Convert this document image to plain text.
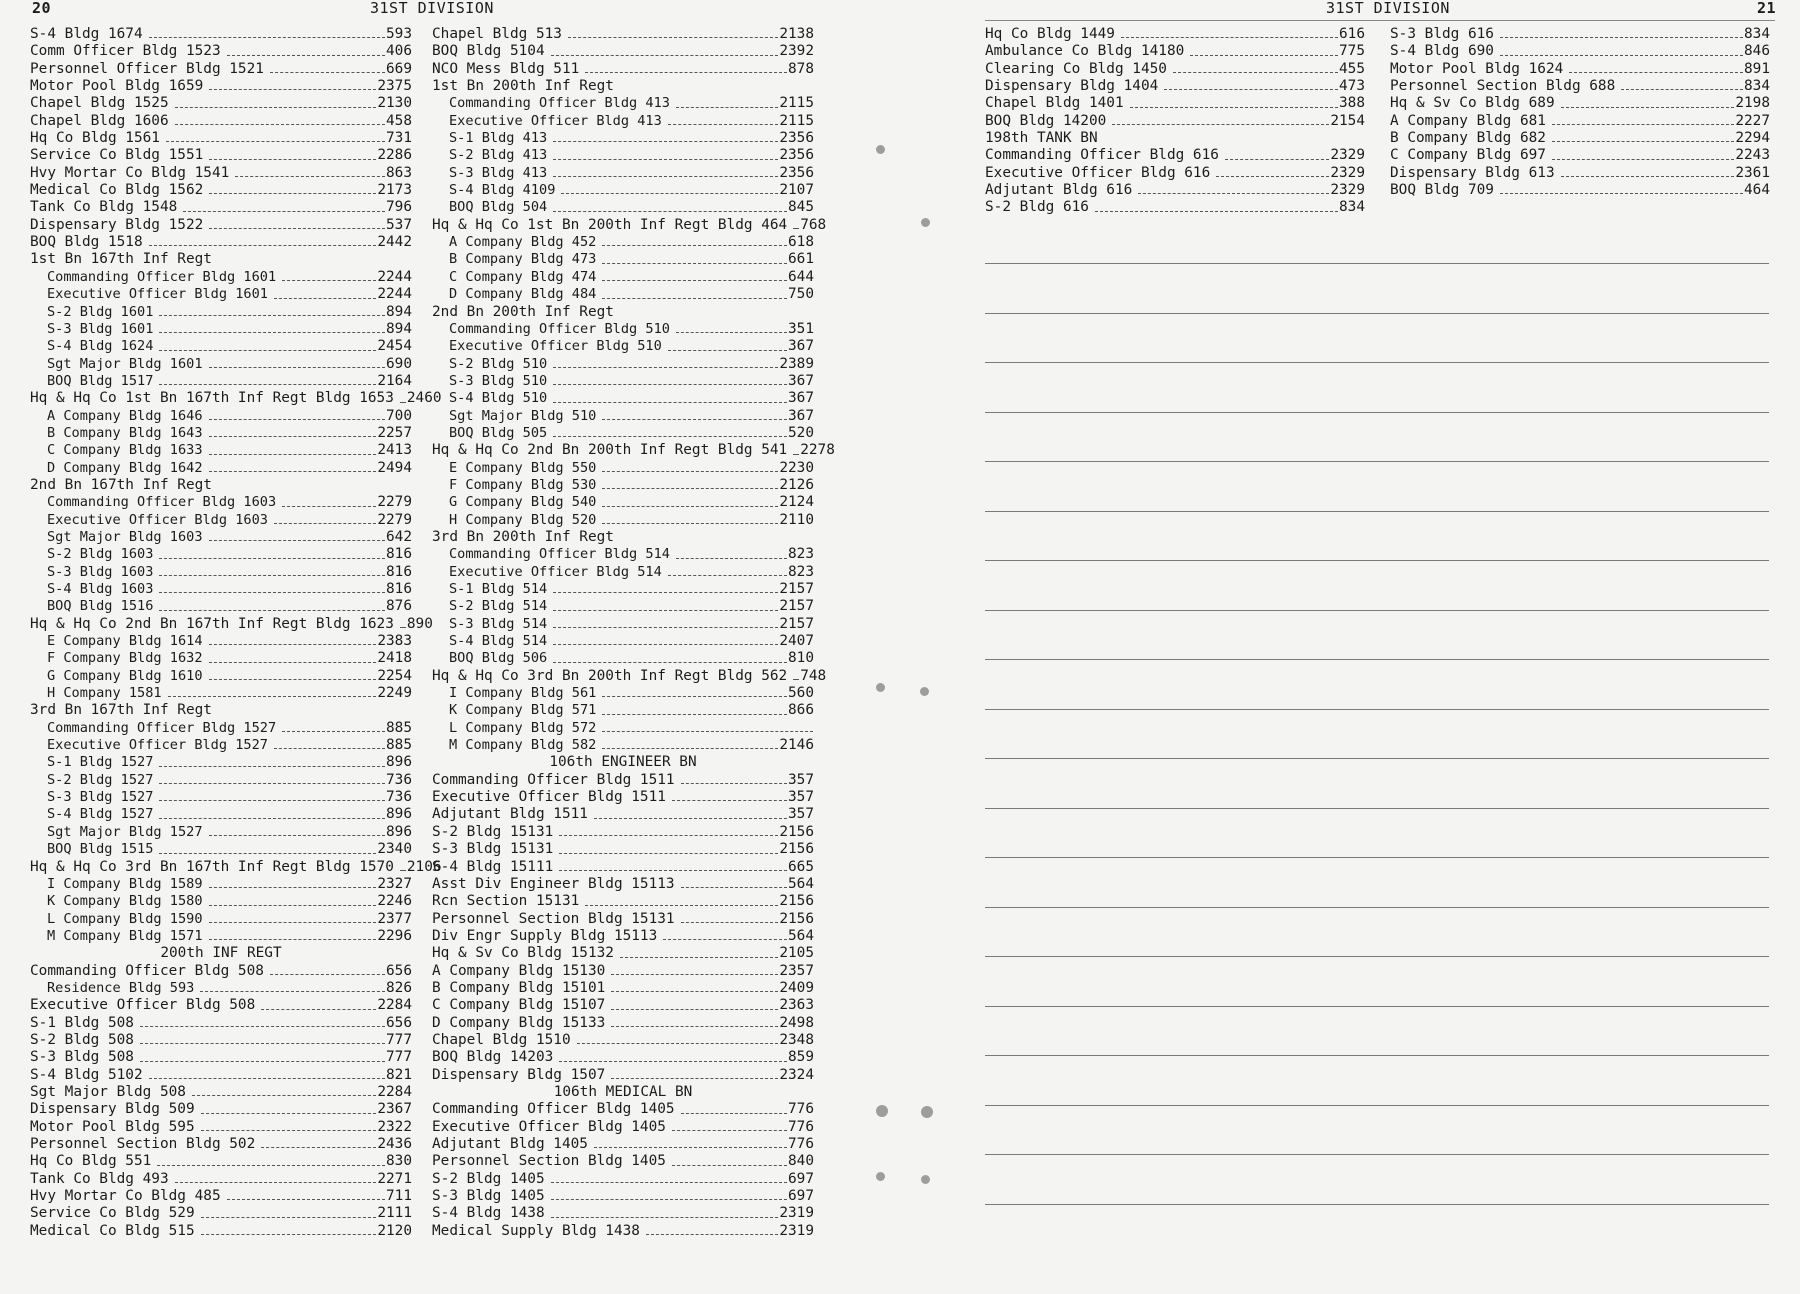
20	31ST DIVISION	31ST DIVISION	21
S-4 Bldg 1674	593
Comm Officer Bldg 1523	406
Personnel Officer Bldg 1521	669
Motor Pool Bldg 1659	2375
Chapel Bldg 1525	2130
Chapel Bldg 1606	458
Hq Co Bldg 1561	731
Service Co Bldg 1551	2286
Hvy Mortar Co Bldg 1541	863
Medical Co Bldg 1562	2173
Tank Co Bldg 1548	796
Dispensary Bldg 1522	537
BOQ Bldg 1518	2442
1st Bn 167th Inf Regt
Commanding Officer Bldg 1601	2244
Executive Officer Bldg 1601	2244
S-2 Bldg 1601	894
S-3 Bldg 1601	894
S-4 Bldg 1624	2454
Sgt Major Bldg 1601	690
BOQ Bldg 1517	2164
Hq & Hq Co 1st Bn 167th Inf Regt Bldg 1653 2460
A Company Bldg 1646	700
B Company Bldg 1643	2257
C Company Bldg 1633	2413
D Company Bldg 1642	2494
2nd Bn 167th Inf Regt
Commanding Officer Bldg 1603	2279
Executive Officer Bldg 1603	2279
Sgt Major Bldg 1603	642
S-2 Bldg 1603	816
S-3 Bldg 1603	816
S-4 Bldg 1603	816
BOQ Bldg 1516	876
Hq & Hq Co 2nd Bn 167th Inf Regt Bldg 1623 890
E Company Bldg 1614	2383
F Company Bldg 1632	2418
G Company Bldg 1610	2254
H Company 1581	2249
3rd Bn 167th Inf Regt
Commanding Officer Bldg 1527	885
Executive Officer Bldg 1527	885
S-1 Bldg 1527	896
S-2 Bldg 1527	736
S-3 Bldg 1527	736
S-4 Bldg 1527	896
Sgt Major Bldg 1527	896
BOQ Bldg 1515	2340
Hq & Hq Co 3rd Bn 167th Inf Regt Bldg 1570 2106
I Company Bldg 1589	2327
K Company Bldg 1580	2246
L Company Bldg 1590	2377
M Company Bldg 1571	2296
200th INF REGT
Commanding Officer Bldg 508	656
Residence Bldg 593	826
Executive Officer Bldg 508	2284
S-1 Bldg 508	656
S-2 Bldg 508	777
S-3 Bldg 508	777
S-4 Bldg 5102	821
Sgt Major Bldg 508	2284
Dispensary Bldg 509	2367
Motor Pool Bldg 595	2322
Personnel Section Bldg 502	2436
Hq Co Bldg 551	830
Tank Co Bldg 493	2271
Hvy Mortar Co Bldg 485	711
Service Co Bldg 529	2111
Medical Co Bldg 515	2120
Chapel Bldg 513	2138
BOQ Bldg 5104	2392
NCO Mess Bldg 511	878
1st Bn 200th Inf Regt
Commanding Officer Bldg 413	2115
Executive Officer Bldg 413	2115
S-1 Bldg 413	2356
S-2 Bldg 413	2356
S-3 Bldg 413	2356
S-4 Bldg 4109	2107
BOQ Bldg 504	845
Hq & Hq Co 1st Bn 200th Inf Regt Bldg 464 768
A Company Bldg 452	618
B Company Bldg 473	661
C Company Bldg 474	644
D Company Bldg 484	750
2nd Bn 200th Inf Regt
Commanding Officer Bldg 510	351
Executive Officer Bldg 510	367
S-2 Bldg 510	2389
S-3 Bldg 510	367
S-4 Bldg 510	367
Sgt Major Bldg 510	367
BOQ Bldg 505	520
Hq & Hq Co 2nd Bn 200th Inf Regt Bldg 541 2278
E Company Bldg 550	2230
F Company Bldg 530	2126
G Company Bldg 540	2124
H Company Bldg 520	2110
3rd Bn 200th Inf Regt
Commanding Officer Bldg 514	823
Executive Officer Bldg 514	823
S-1 Bldg 514	2157
S-2 Bldg 514	2157
S-3 Bldg 514	2157
S-4 Bldg 514	2407
BOQ Bldg 506	810
Hq & Hq Co 3rd Bn 200th Inf Regt Bldg 562 748
I Company Bldg 561	560
K Company Bldg 571	866
L Company Bldg 572
M Company Bldg 582	2146
106th ENGINEER BN
Commanding Officer Bldg 1511	357
Executive Officer Bldg 1511	357
Adjutant Bldg 1511	357
S-2 Bldg 15131	2156
S-3 Bldg 15131	2156
S-4 Bldg 15111	665
Asst Div Engineer Bldg 15113	564
Rcn Section 15131	2156
Personnel Section Bldg 15131	2156
Div Engr Supply Bldg 15113	564
Hq & Sv Co Bldg 15132	2105
A Company Bldg 15130	2357
B Company Bldg 15101	2409
C Company Bldg 15107	2363
D Company Bldg 15133	2498
Chapel Bldg 1510	2348
BOQ Bldg 14203	859
Dispensary Bldg 1507	2324
106th MEDICAL BN
Commanding Officer Bldg 1405	776
Executive Officer Bldg 1405	776
Adjutant Bldg 1405	776
Personnel Section Bldg 1405	840
S-2 Bldg 1405	697
S-3 Bldg 1405	697
S-4 Bldg 1438	2319
Medical Supply Bldg 1438	2319
Hq Co Bldg 1449	616
Ambulance Co Bldg 14180	775
Clearing Co Bldg 1450	455
Dispensary Bldg 1404	473
Chapel Bldg 1401	388
BOQ Bldg 14200	2154
198th TANK BN
Commanding Officer Bldg 616	2329
Executive Officer Bldg 616	2329
Adjutant Bldg 616	2329
S-2 Bldg 616	834
S-3 Bldg 616	834
S-4 Bldg 690	846
Motor Pool Bldg 1624	891
Personnel Section Bldg 688	834
Hq & Sv Co Bldg 689	2198
A Company Bldg 681	2227
B Company Bldg 682	2294
C Company Bldg 697	2243
Dispensary Bldg 613	2361
BOQ Bldg 709	464
